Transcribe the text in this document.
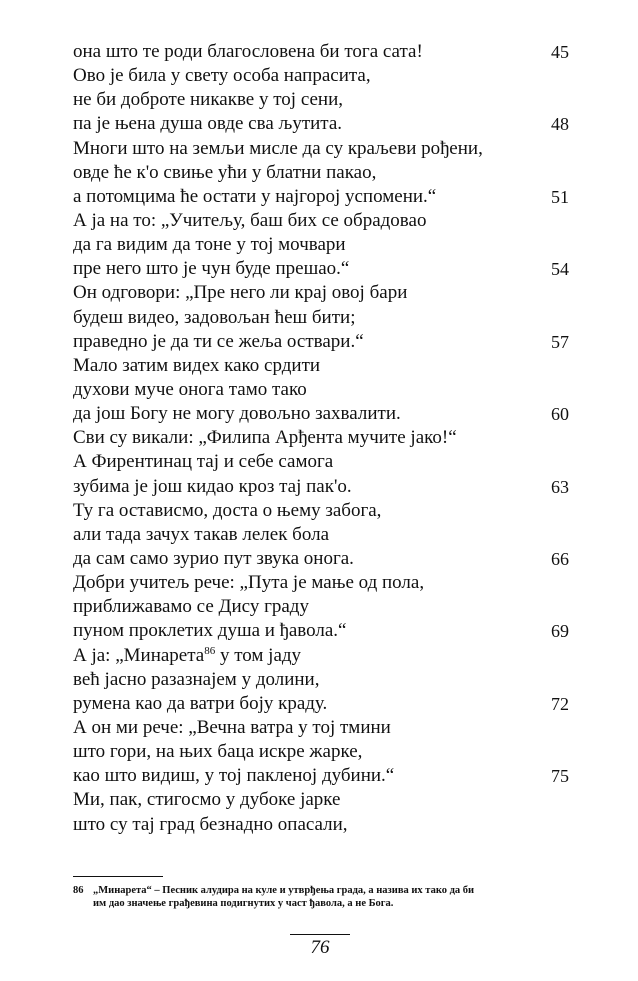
она што те роди благословена би тога сата!	45
Ово је била у свету особа напрасита,
не би доброте никакве у тој сени,
па је њена душа овде сва љутита.	48
Многи што на земљи мисле да су краљеви рођени,
овде ће к'о свиње ући у блатни пакао,
а потомцима ће остати у најгорој успомени.“	51
А ја на то: „Учитељу, баш бих се обрадовао
да га видим да тоне у тој мочвари
пре него што је чун буде прешао.“	54
Он одговори: „Пре него ли крај овој бари
будеш видео, задовољан ћеш бити;
праведно је да ти се жеља оствари.“	57
Мало затим видех како срдити
духови муче онога тамо тако
да још Богу не могу довољно захвалити.	60
Сви су викали: „Филипа Арђента мучите јако!“
А Фирентинац тај и себе самога
зубима је још кидао кроз тај пак'о.	63
Ту га остависмо, доста о њему забога,
али тада зачух такав лелек бола
да сам само зурио пут звука онога.	66
Добри учитељ рече: „Пута је мање од пола,
приближавамо се Дису граду
пуном проклетих душа и ђавола.“	69
А ја: „Минарета$^{86}$ у том јаду
већ јасно разазнајем у долини,
румена као да ватри боју краду.	72
А он ми рече: „Вечна ватра у тој тмини
што гори, на њих баца искре жарке,
као што видиш, у тој пакленој дубини.“	75
Ми, пак, стигосмо у дубоке јарке
што су тај град безнадно опасали,
86 „Минарета“ – Песник алудира на куле и утврђења града, а назива их тако да би
им дао значење грађевина подигнутих у част ђавола, а не Бога.
76
